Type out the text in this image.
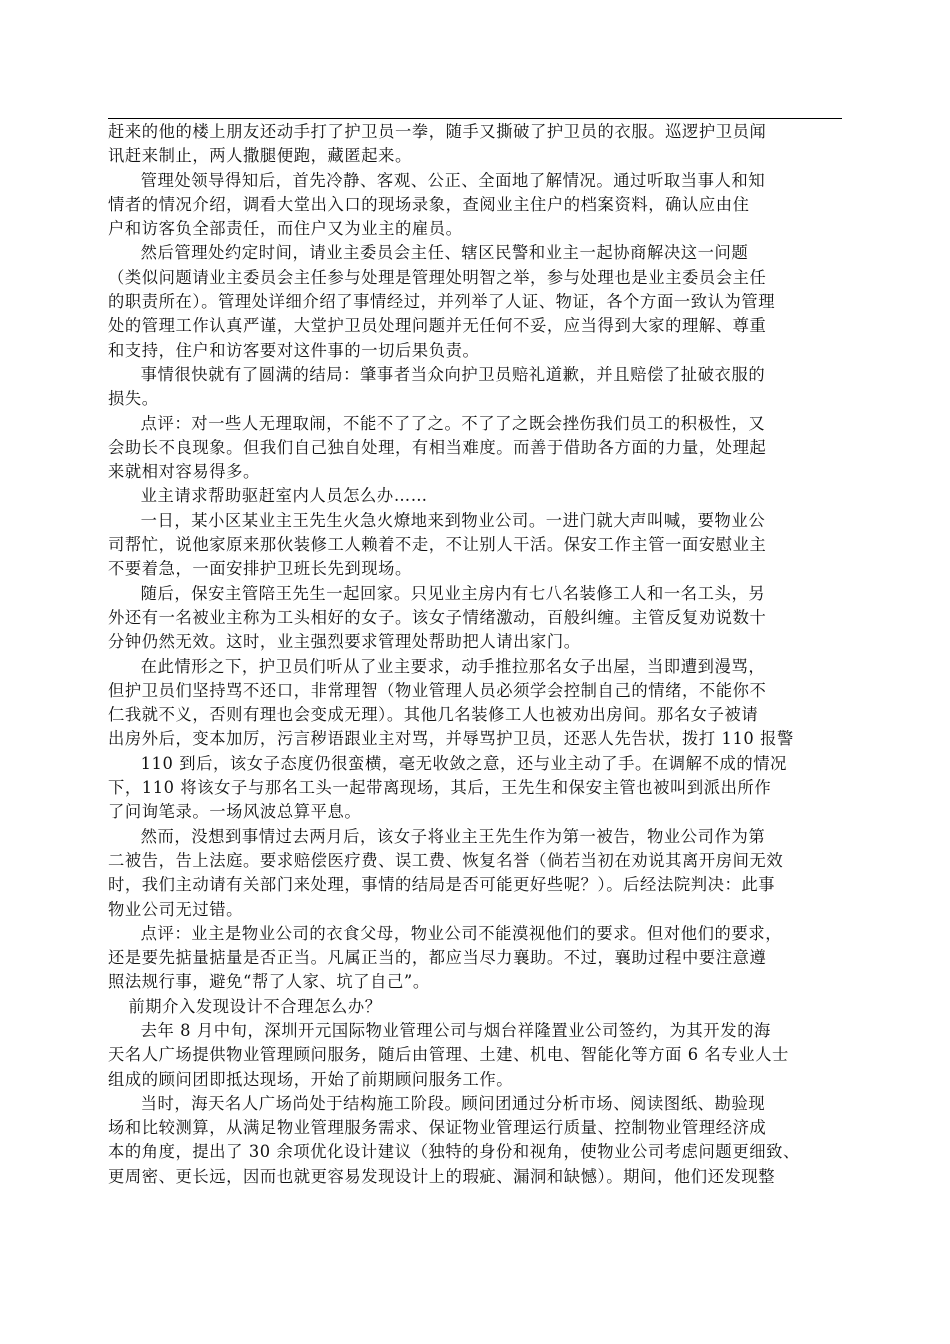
赶来的他的楼上朋友还动手打了护卫员一拳，随手又撕破了护卫员的衣服。巡逻护卫员闻
讯赶来制止，两人撒腿便跑，藏匿起来。

管理处领导得知后，首先冷静、客观、公正、全面地了解情况。通过听取当事人和知
情者的情况介绍，调看大堂出入口的现场录象，查阅业主住户的档案资料，确认应由住
户和访客负全部责任，而住户又为业主的雇员。

然后管理处约定时间，请业主委员会主任、辖区民警和业主一起协商解决这一问题
（类似问题请业主委员会主任参与处理是管理处明智之举，参与处理也是业主委员会主任
的职责所在）。管理处详细介绍了事情经过，并列举了人证、物证，各个方面一致认为管理
处的管理工作认真严谨，大堂护卫员处理问题并无任何不妥，应当得到大家的理解、尊重
和支持，住户和访客要对这件事的一切后果负责。

事情很快就有了圆满的结局：肇事者当众向护卫员赔礼道歉，并且赔偿了扯破衣服的
损失。

点评：对一些人无理取闹，不能不了了之。不了了之既会挫伤我们员工的积极性，又
会助长不良现象。但我们自己独自处理，有相当难度。而善于借助各方面的力量，处理起
来就相对容易得多。

业主请求帮助驱赶室内人员怎么办……

一日，某小区某业主王先生火急火燎地来到物业公司。一进门就大声叫喊，要物业公
司帮忙，说他家原来那伙装修工人赖着不走，不让别人干活。保安工作主管一面安慰业主
不要着急，一面安排护卫班长先到现场。

随后，保安主管陪王先生一起回家。只见业主房内有七八名装修工人和一名工头，另
外还有一名被业主称为工头相好的女子。该女子情绪激动，百般纠缠。主管反复劝说数十
分钟仍然无效。这时，业主强烈要求管理处帮助把人请出家门。

在此情形之下，护卫员们听从了业主要求，动手推拉那名女子出屋，当即遭到漫骂，
但护卫员们坚持骂不还口，非常理智（物业管理人员必须学会控制自己的情绪，不能你不
仁我就不义，否则有理也会变成无理）。其他几名装修工人也被劝出房间。那名女子被请
出房外后，变本加厉，污言秽语跟业主对骂，并辱骂护卫员，还恶人先告状，拨打 110 报警

110 到后，该女子态度仍很蛮横，毫无收敛之意，还与业主动了手。在调解不成的情况
下，110 将该女子与那名工头一起带离现场，其后，王先生和保安主管也被叫到派出所作
了问询笔录。一场风波总算平息。

然而，没想到事情过去两月后，该女子将业主王先生作为第一被告，物业公司作为第
二被告，告上法庭。要求赔偿医疗费、误工费、恢复名誉（倘若当初在劝说其离开房间无效
时，我们主动请有关部门来处理，事情的结局是否可能更好些呢？）。后经法院判决：此事
物业公司无过错。

点评：业主是物业公司的衣食父母，物业公司不能漠视他们的要求。但对他们的要求，
还是要先掂量掂量是否正当。凡属正当的，都应当尽力襄助。不过，襄助过程中要注意遵
照法规行事，避免“帮了人家、坑了自己”。

前期介入发现设计不合理怎么办？

去年 8 月中旬，深圳开元国际物业管理公司与烟台祥隆置业公司签约，为其开发的海
天名人广场提供物业管理顾问服务，随后由管理、土建、机电、智能化等方面 6 名专业人士
组成的顾问团即抵达现场，开始了前期顾问服务工作。

当时，海天名人广场尚处于结构施工阶段。顾问团通过分析市场、阅读图纸、勘验现
场和比较测算，从满足物业管理服务需求、保证物业管理运行质量、控制物业管理经济成
本的角度，提出了 30 余项优化设计建议（独特的身份和视角，使物业公司考虑问题更细致、
更周密、更长远，因而也就更容易发现设计上的瑕疵、漏洞和缺憾）。期间，他们还发现整
